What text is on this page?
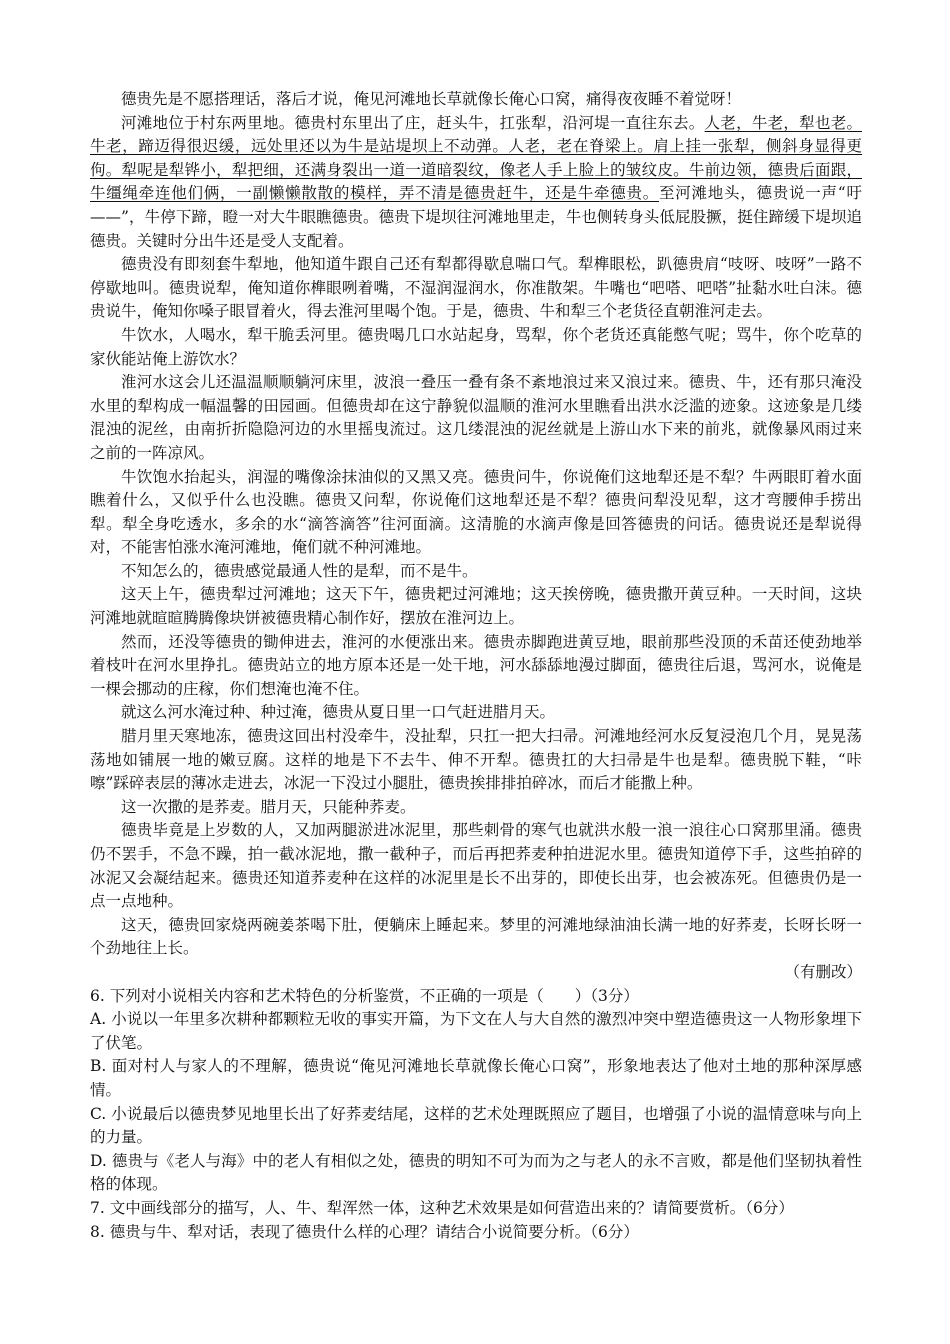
德贵先是不愿搭理话，落后才说，俺见河滩地长草就像长俺心口窝，痛得夜夜睡不着觉呀！

河滩地位于村东两里地。德贵村东里出了庄，赶头牛，扛张犁，沿河堤一直往东去。人老，牛老，犁也老。牛老，蹄迈得很迟缓，远处里还以为牛是站堤坝上不动弹。人老，老在脊梁上。肩上挂一张犁，侧斜身显得更佝。犁呢是犁铧小，犁把细，还满身裂出一道一道暗裂纹，像老人手上脸上的皱纹皮。牛前边领，德贵后面跟，牛缰绳牵连他们俩，一副懒懒散散的模样，弄不清是德贵赶牛，还是牛牵德贵。至河滩地头，德贵说一声“吁——”，牛停下蹄，瞪一对大牛眼瞧德贵。德贵下堤坝往河滩地里走，牛也侧转身头低屁股撅，挺住蹄缓下堤坝追德贵。关键时分出牛还是受人支配着。

德贵没有即刻套牛犁地，他知道牛跟自己还有犁都得歇息喘口气。犁榫眼松，趴德贵肩“吱呀、吱呀”一路不停歇地叫。德贵说犁，俺知道你榫眼咧着嘴，不湿润湿润水，你准散架。牛嘴也“吧嗒、吧嗒”扯黏水吐白沫。德贵说牛，俺知你嗓子眼冒着火，得去淮河里喝个饱。于是，德贵、牛和犁三个老货径直朝淮河走去。

牛饮水，人喝水，犁干脆丢河里。德贵喝几口水站起身，骂犁，你个老货还真能憋气呢；骂牛，你个吃草的家伙能站俺上游饮水？

淮河水这会儿还温温顺顺躺河床里，波浪一叠压一叠有条不紊地浪过来又浪过来。德贵、牛，还有那只淹没水里的犁构成一幅温馨的田园画。但德贵却在这宁静貌似温顺的淮河水里瞧看出洪水泛滥的迹象。这迹象是几缕混浊的泥丝，由南折折隐隐河边的水里摇曳流过。这几缕混浊的泥丝就是上游山水下来的前兆，就像暴风雨过来之前的一阵凉风。

牛饮饱水抬起头，润湿的嘴像涂抹油似的又黑又亮。德贵问牛，你说俺们这地犁还是不犁？牛两眼盯着水面瞧着什么，又似乎什么也没瞧。德贵又问犁，你说俺们这地犁还是不犁？德贵问犁没见犁，这才弯腰伸手捞出犁。犁全身吃透水，多余的水“滴答滴答”往河面滴。这清脆的水滴声像是回答德贵的问话。德贵说还是犁说得对，不能害怕涨水淹河滩地，俺们就不种河滩地。

不知怎么的，德贵感觉最通人性的是犁，而不是牛。

这天上午，德贵犁过河滩地；这天下午，德贵耙过河滩地；这天挨傍晚，德贵撒开黄豆种。一天时间，这块河滩地就暄暄腾腾像块饼被德贵精心制作好，摆放在淮河边上。

然而，还没等德贵的锄伸进去，淮河的水便涨出来。德贵赤脚跑进黄豆地，眼前那些没顶的禾苗还使劲地举着枝叶在河水里挣扎。德贵站立的地方原本还是一处干地，河水舔舔地漫过脚面，德贵往后退，骂河水，说俺是一棵会挪动的庄稼，你们想淹也淹不住。

就这么河水淹过种、种过淹，德贵从夏日里一口气赶进腊月天。

腊月里天寒地冻，德贵这回出村没牵牛，没扯犁，只扛一把大扫帚。河滩地经河水反复浸泡几个月，晃晃荡荡地如铺展一地的嫩豆腐。这样的地是下不去牛、伸不开犁。德贵扛的大扫帚是牛也是犁。德贵脱下鞋，“咔嚓”踩碎表层的薄冰走进去，冰泥一下没过小腿肚，德贵挨排排拍碎冰，而后才能撒上种。

这一次撒的是荞麦。腊月天，只能种荞麦。

德贵毕竟是上岁数的人，又加两腿淤进冰泥里，那些刺骨的寒气也就洪水般一浪一浪往心口窝那里涌。德贵仍不罢手，不急不躁，拍一截冰泥地，撒一截种子，而后再把荞麦种拍进泥水里。德贵知道停下手，这些拍碎的冰泥又会凝结起来。德贵还知道荞麦种在这样的冰泥里是长不出芽的，即使长出芽，也会被冻死。但德贵仍是一点一点地种。

这天，德贵回家烧两碗姜茶喝下肚，便躺床上睡起来。梦里的河滩地绿油油长满一地的好荞麦，长呀长呀一个劲地往上长。

（有删改）

6. 下列对小说相关内容和艺术特色的分析鉴赏，不正确的一项是（　　）（3分）

A. 小说以一年里多次耕种都颗粒无收的事实开篇，为下文在人与大自然的激烈冲突中塑造德贵这一人物形象埋下了伏笔。

B. 面对村人与家人的不理解，德贵说“俺见河滩地长草就像长俺心口窝”，形象地表达了他对土地的那种深厚感情。

C. 小说最后以德贵梦见地里长出了好荞麦结尾，这样的艺术处理既照应了题目，也增强了小说的温情意味与向上的力量。

D. 德贵与《老人与海》中的老人有相似之处，德贵的明知不可为而为之与老人的永不言败，都是他们坚韧执着性格的体现。

7. 文中画线部分的描写，人、牛、犁浑然一体，这种艺术效果是如何营造出来的？请简要赏析。（6分）

8. 德贵与牛、犁对话，表现了德贵什么样的心理？请结合小说简要分析。（6分）
